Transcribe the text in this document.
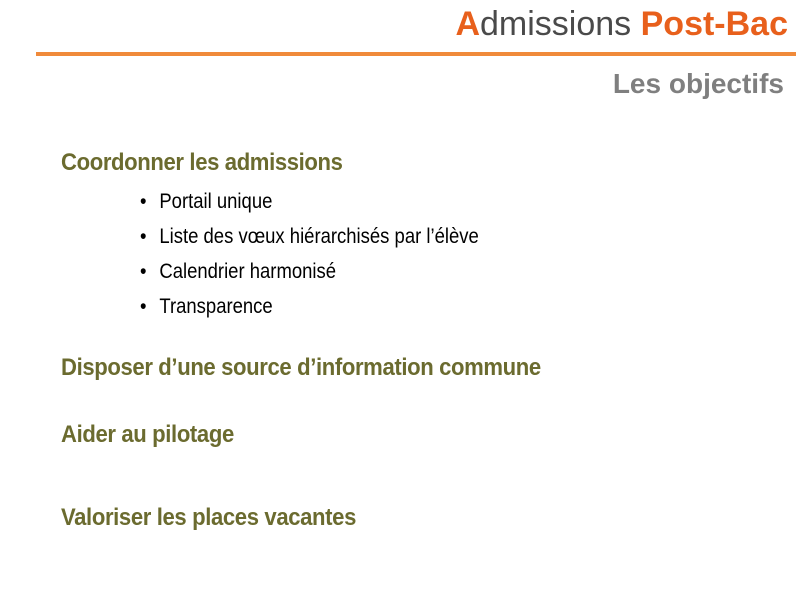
Admissions Post-Bac
Les objectifs
Coordonner les admissions
• Portail unique
• Liste des vœux hiérarchisés par l’élève
• Calendrier harmonisé
• Transparence
Disposer d’une source d’information commune
Aider au pilotage
Valoriser les places vacantes
